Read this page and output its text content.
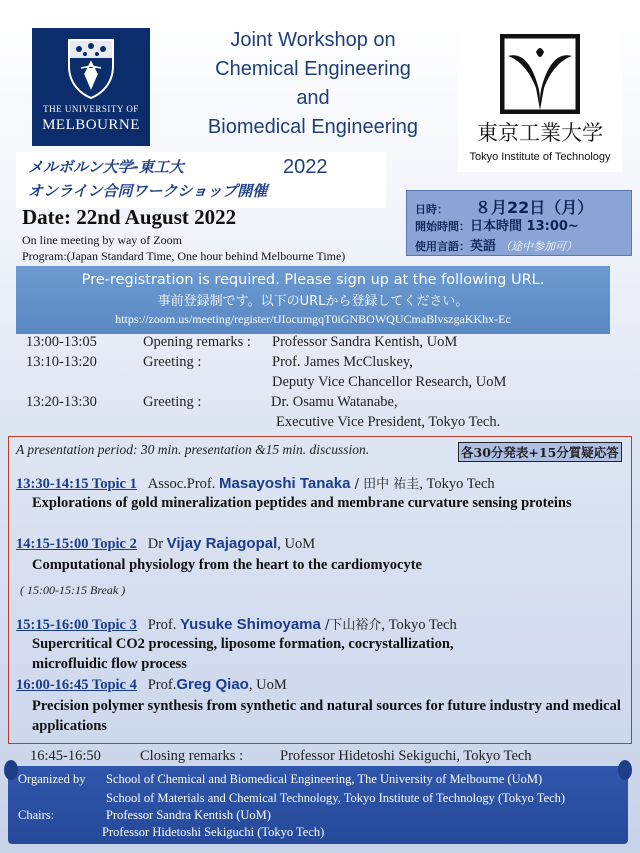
THE UNIVERSITY OF
MELBOURNE
Joint Workshop on
Chemical Engineering
and
Biomedical Engineering	東京工業大学
Tokyo Institute of Technology
メルボルン大学-東工大
オンライン合同ワークショップ開催
2022
日時： ８月22日（月）
開始時間：日本時間 13:00~
使用言語：英語 （途中参加可）
Date: 22nd August 2022
On line meeting by way of Zoom
Program:(Japan Standard Time, One hour behind Melbourne Time)
Pre-registration is required. Please sign up at the following URL.
事前登録制です。以下のURLから登録してください。
https://zoom.us/meeting/register/tJIocumgqT0iGNBOWQUCmaBlvszgaKKhx-Ec
13:00-13:05	Opening remarks : Professor Sandra Kentish, UoM
13:10-13:20	Greeting :	Prof. James McCluskey,
Deputy Vice Chancellor Research, UoM
13:20-13:30	Greeting :	Dr. Osamu Watanabe,
Executive Vice President, Tokyo Tech.
A presentation period: 30 min. presentation &15 min. discussion.	各30分発表+15分質疑応答
13:30-14:15 Topic 1 Assoc.Prof. Masayoshi Tanaka / 田中 祐圭, Tokyo Tech
Explorations of gold mineralization peptides and membrane curvature sensing proteins
14:15-15:00 Topic 2 Dr Vijay Rajagopal, UoM
Computational physiology from the heart to the cardiomyocyte
( 15:00-15:15 Break )
15:15-16:00 Topic 3 Prof. Yusuke Shimoyama /下山裕介, Tokyo Tech
Supercritical CO2 processing, liposome formation, cocrystallization, microfluidic flow process
16:00-16:45 Topic 4 Prof.Greg Qiao, UoM
Precision polymer synthesis from synthetic and natural sources for future industry and medical applications
16:45-16:50	Closing remarks :	Professor Hidetoshi Sekiguchi, Tokyo Tech
Organized by School of Chemical and Biomedical Engineering, The University of Melbourne (UoM)
School of Materials and Chemical Technology, Tokyo Institute of Technology (Tokyo Tech)
Chairs:	Professor Sandra Kentish (UoM)
Professor Hidetoshi Sekiguchi (Tokyo Tech)
